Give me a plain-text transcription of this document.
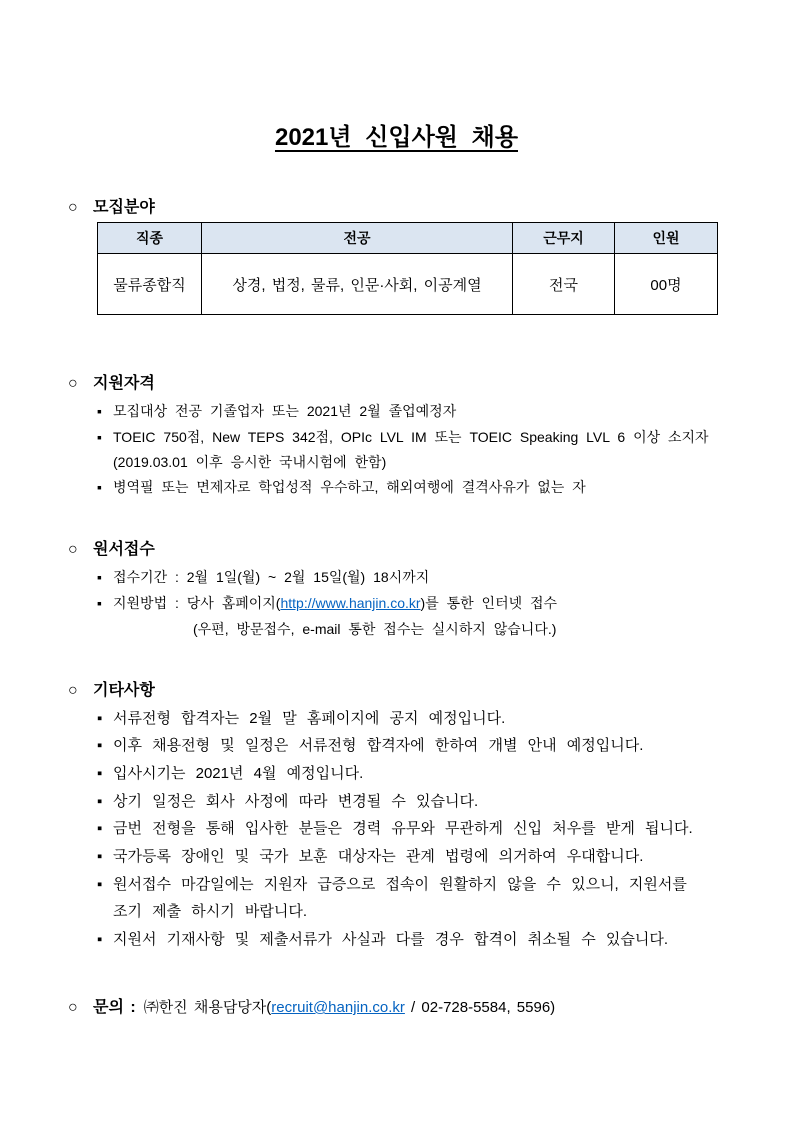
2021년 신입사원 채용
○ 모집분야
직종	전공	근무지	인원
물류종합직	상경, 법정, 물류, 인문·사회, 이공계열	전국	00명
○ 지원자격
▪ 모집대상 전공 기졸업자 또는 2021년 2월 졸업예정자
▪ TOEIC 750점, New TEPS 342점, OPIc LVL IM 또는 TOEIC Speaking LVL 6 이상 소지자
(2019.03.01 이후 응시한 국내시험에 한함)
▪ 병역필 또는 면제자로 학업성적 우수하고, 해외여행에 결격사유가 없는 자
○ 원서접수
▪ 접수기간 : 2월 1일(월) ~ 2월 15일(월) 18시까지
▪ 지원방법 : 당사 홈페이지(http://www.hanjin.co.kr)를 통한 인터넷 접수
(우편, 방문접수, e-mail 통한 접수는 실시하지 않습니다.)
○ 기타사항
▪ 서류전형 합격자는 2월 말 홈페이지에 공지 예정입니다.
▪ 이후 채용전형 및 일정은 서류전형 합격자에 한하여 개별 안내 예정입니다.
▪ 입사시기는 2021년 4월 예정입니다.
▪ 상기 일정은 회사 사정에 따라 변경될 수 있습니다.
▪ 금번 전형을 통해 입사한 분들은 경력 유무와 무관하게 신입 처우를 받게 됩니다.
▪ 국가등록 장애인 및 국가 보훈 대상자는 관계 법령에 의거하여 우대합니다.
▪ 원서접수 마감일에는 지원자 급증으로 접속이 원활하지 않을 수 있으니, 지원서를
조기 제출 하시기 바랍니다.
▪ 지원서 기재사항 및 제출서류가 사실과 다를 경우 합격이 취소될 수 있습니다.
○ 문의 : ㈜한진 채용담당자(recruit@hanjin.co.kr / 02-728-5584, 5596)
